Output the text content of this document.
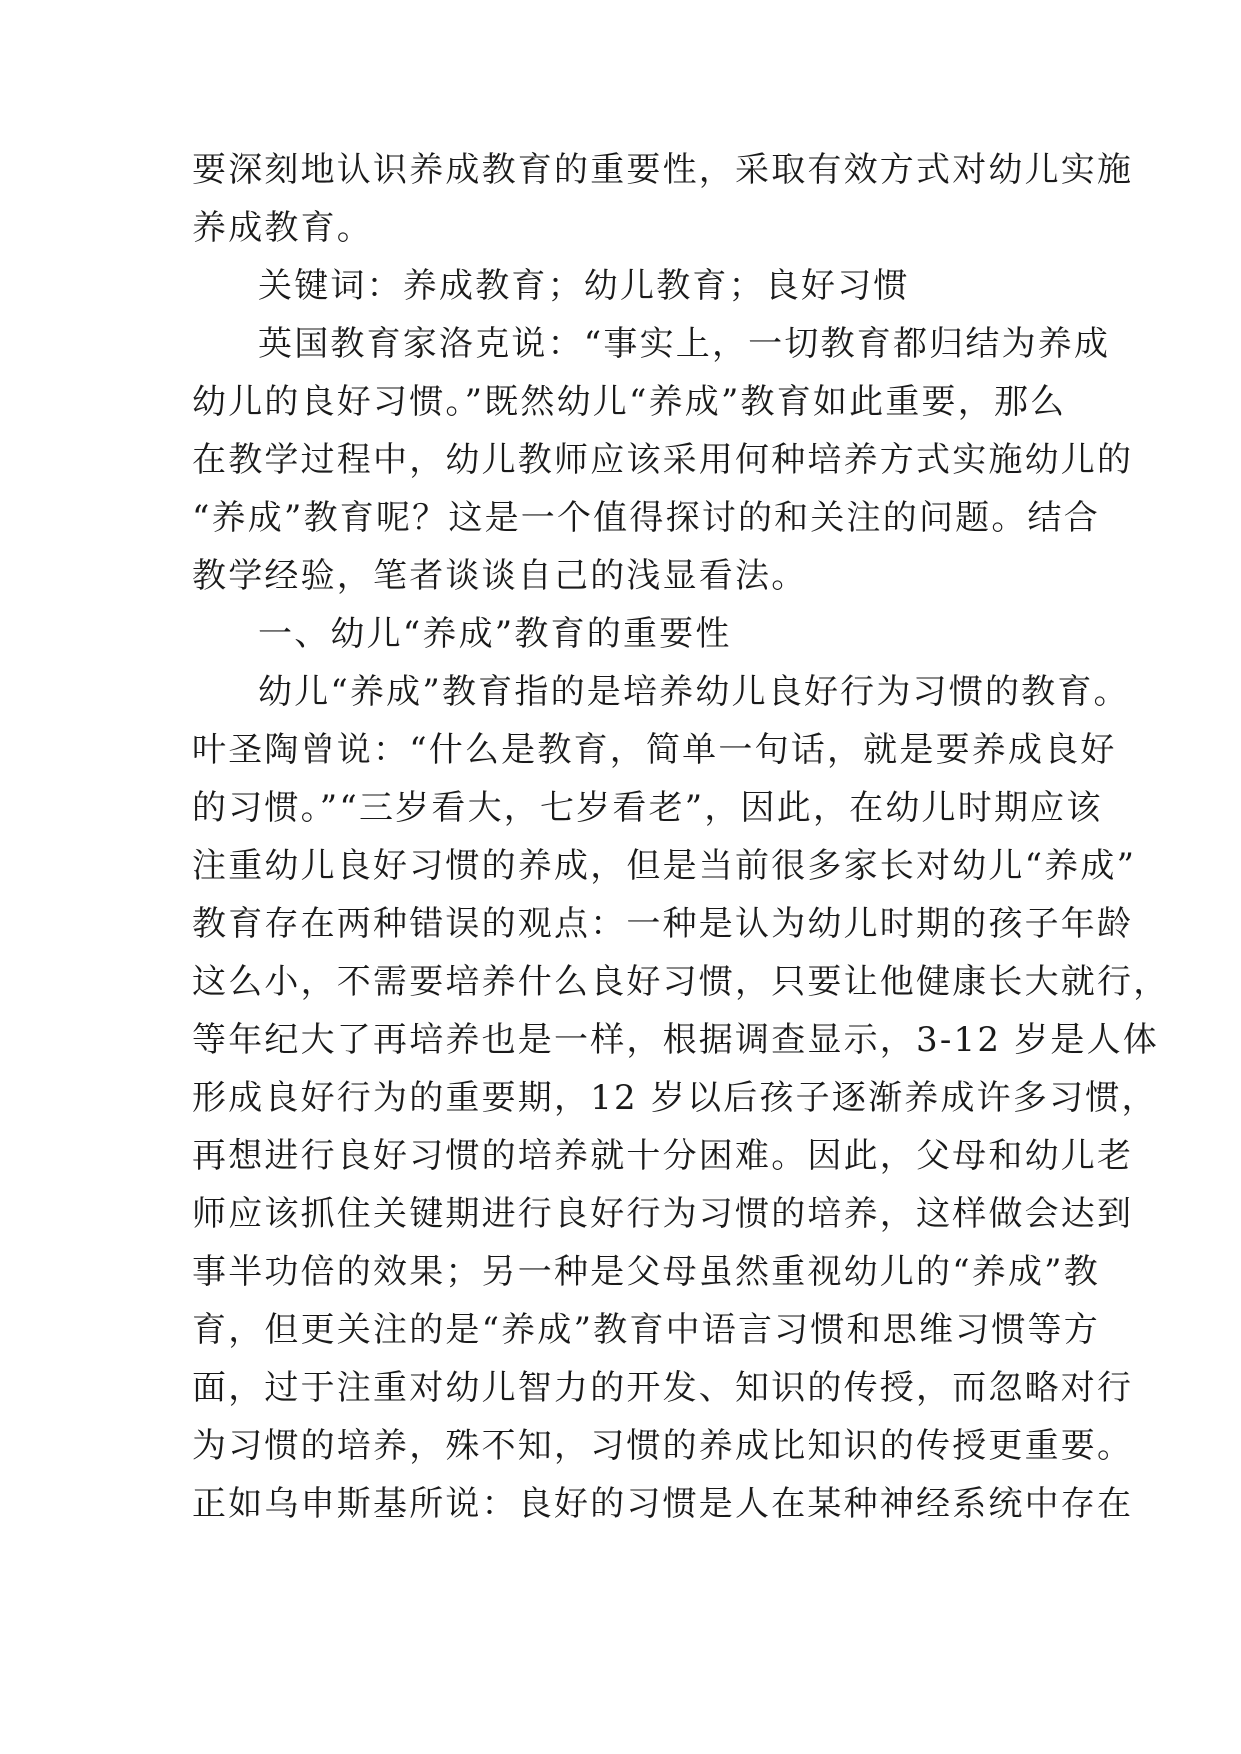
要深刻地认识养成教育的重要性，采取有效方式对幼儿实施
养成教育。
关键词：养成教育；幼儿教育；良好习惯
英国教育家洛克说：“事实上，一切教育都归结为养成
幼儿的良好习惯。”既然幼儿“养成”教育如此重要，那么
在教学过程中，幼儿教师应该采用何种培养方式实施幼儿的
“养成”教育呢？这是一个值得探讨的和关注的问题。结合
教学经验，笔者谈谈自己的浅显看法。
一、幼儿“养成”教育的重要性
幼儿“养成”教育指的是培养幼儿良好行为习惯的教育。
叶圣陶曾说：“什么是教育，简单一句话，就是要养成良好
的习惯。”“三岁看大，七岁看老”，因此，在幼儿时期应该
注重幼儿良好习惯的养成，但是当前很多家长对幼儿“养成”
教育存在两种错误的观点：一种是认为幼儿时期的孩子年龄
这么小，不需要培养什么良好习惯，只要让他健康长大就行，
等年纪大了再培养也是一样，根据调查显示，3-12 岁是人体
形成良好行为的重要期，12 岁以后孩子逐渐养成许多习惯，
再想进行良好习惯的培养就十分困难。因此，父母和幼儿老
师应该抓住关键期进行良好行为习惯的培养，这样做会达到
事半功倍的效果；另一种是父母虽然重视幼儿的“养成”教
育，但更关注的是“养成”教育中语言习惯和思维习惯等方
面，过于注重对幼儿智力的开发、知识的传授，而忽略对行
为习惯的培养，殊不知，习惯的养成比知识的传授更重要。
正如乌申斯基所说：良好的习惯是人在某种神经系统中存在
